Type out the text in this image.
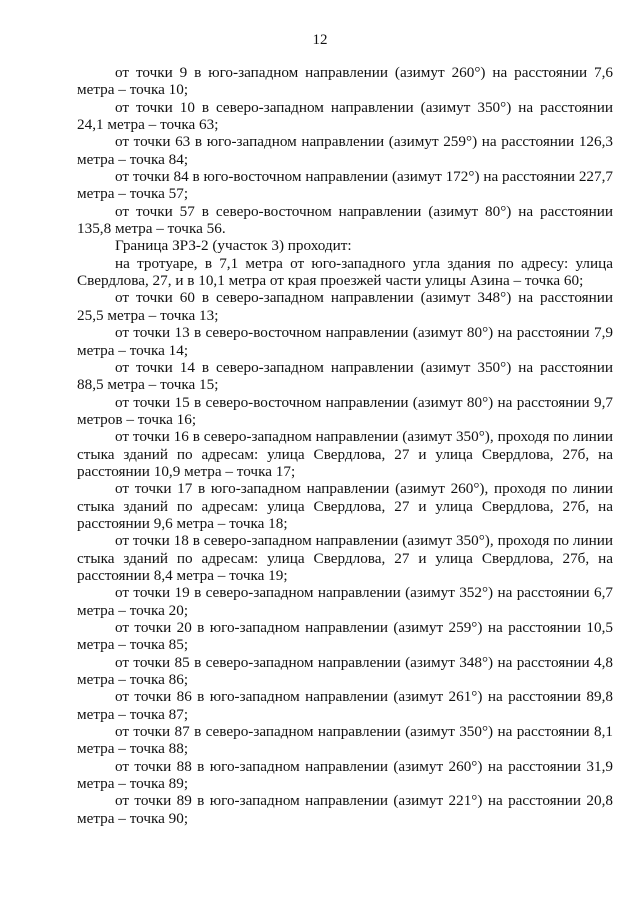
12

от точки 9 в юго-западном направлении (азимут 260°) на расстоянии 7,6 метра – точка 10;

от точки 10 в северо-западном направлении (азимут 350°) на расстоянии 24,1 метра – точка 63;

от точки 63 в юго-западном направлении (азимут 259°) на расстоянии 126,3 метра – точка 84;

от точки 84 в юго-восточном направлении (азимут 172°) на расстоянии 227,7 метра – точка 57;

от точки 57 в северо-восточном направлении (азимут 80°) на расстоянии 135,8 метра – точка 56.

Граница ЗРЗ-2 (участок 3) проходит:

на тротуаре, в 7,1 метра от юго-западного угла здания по адресу: улица Свердлова, 27, и в 10,1 метра от края проезжей части улицы Азина – точка 60;

от точки 60 в северо-западном направлении (азимут 348°) на расстоянии 25,5 метра – точка 13;

от точки 13 в северо-восточном направлении (азимут 80°) на расстоянии 7,9 метра – точка 14;

от точки 14 в северо-западном направлении (азимут 350°) на расстоянии 88,5 метра – точка 15;

от точки 15 в северо-восточном направлении (азимут 80°) на расстоянии 9,7 метров – точка 16;

от точки 16 в северо-западном направлении (азимут 350°), проходя по линии стыка зданий по адресам: улица Свердлова, 27 и улица Свердлова, 27б, на расстоянии 10,9 метра – точка 17;

от точки 17 в юго-западном направлении (азимут 260°), проходя по линии стыка зданий по адресам: улица Свердлова, 27 и улица Свердлова, 27б, на расстоянии 9,6 метра – точка 18;

от точки 18 в северо-западном направлении (азимут 350°), проходя по линии стыка зданий по адресам: улица Свердлова, 27 и улица Свердлова, 27б, на расстоянии 8,4 метра – точка 19;

от точки 19 в северо-западном направлении (азимут 352°) на расстоянии 6,7 метра – точка 20;

от точки 20 в юго-западном направлении (азимут 259°) на расстоянии 10,5 метра – точка 85;

от точки 85 в северо-западном направлении (азимут 348°) на расстоянии 4,8 метра – точка 86;

от точки 86 в юго-западном направлении (азимут 261°) на расстоянии 89,8 метра – точка 87;

от точки 87 в северо-западном направлении (азимут 350°) на расстоянии 8,1 метра – точка 88;

от точки 88 в юго-западном направлении (азимут 260°) на расстоянии 31,9 метра – точка 89;

от точки 89 в юго-западном направлении (азимут 221°) на расстоянии 20,8 метра – точка 90;
